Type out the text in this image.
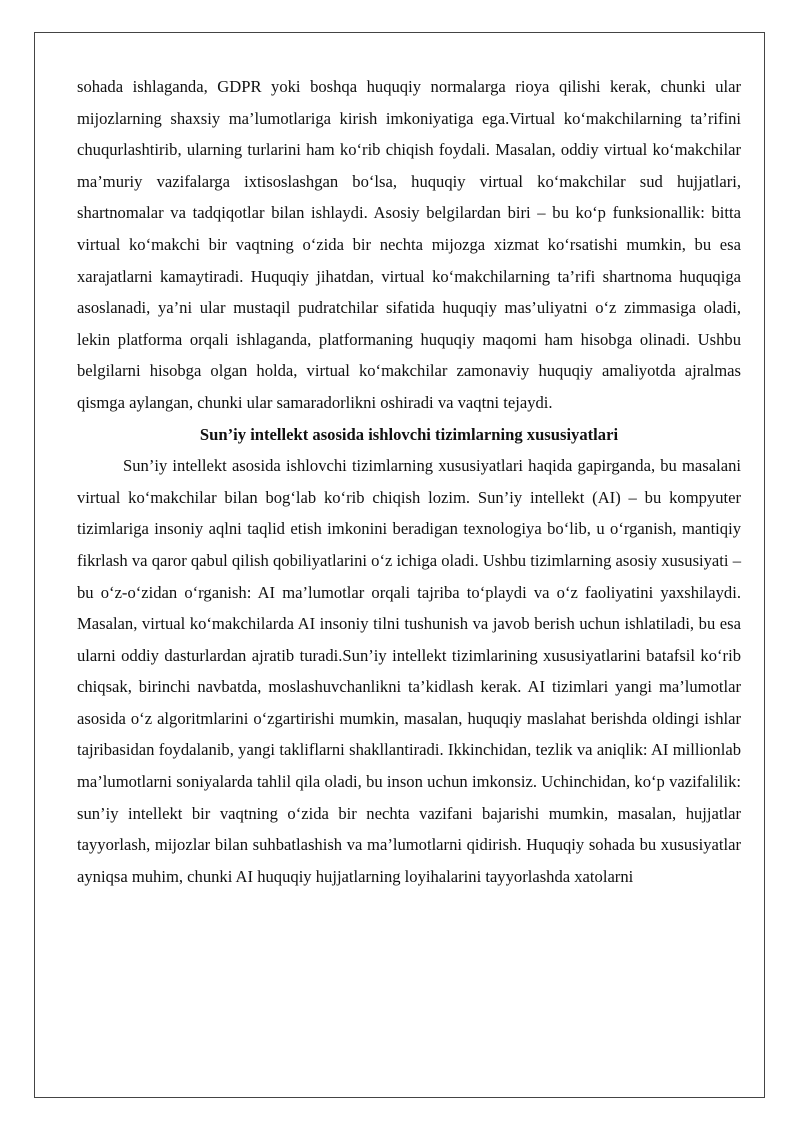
sohada ishlaganda, GDPR yoki boshqa huquqiy normalarga rioya qilishi kerak, chunki ular mijozlarning shaxsiy ma’lumotlariga kirish imkoniyatiga ega.Virtual ko‘makchilarning ta’rifini chuqurlashtirib, ularning turlarini ham ko‘rib chiqish foydali. Masalan, oddiy virtual ko‘makchilar ma’muriy vazifalarga ixtisoslashgan bo‘lsa, huquqiy virtual ko‘makchilar sud hujjatlari, shartnomalar va tadqiqotlar bilan ishlaydi. Asosiy belgilardan biri – bu ko‘p funksionallik: bitta virtual ko‘makchi bir vaqtning o‘zida bir nechta mijozga xizmat ko‘rsatishi mumkin, bu esa xarajatlarni kamaytiradi. Huquqiy jihatdan, virtual ko‘makchilarning ta’rifi shartnoma huquqiga asoslanadi, ya’ni ular mustaqil pudratchilar sifatida huquqiy mas’uliyatni o‘z zimmasiga oladi, lekin platforma orqali ishlaganda, platformaning huquqiy maqomi ham hisobga olinadi. Ushbu belgilarni hisobga olgan holda, virtual ko‘makchilar zamonaviy huquqiy amaliyotda ajralmas qismga aylangan, chunki ular samaradorlikni oshiradi va vaqtni tejaydi.

Sun’iy intellekt asosida ishlovchi tizimlarning xususiyatlari

Sun’iy intellekt asosida ishlovchi tizimlarning xususiyatlari haqida gapirganda, bu masalani virtual ko‘makchilar bilan bog‘lab ko‘rib chiqish lozim. Sun’iy intellekt (AI) – bu kompyuter tizimlariga insoniy aqlni taqlid etish imkonini beradigan texnologiya bo‘lib, u o‘rganish, mantiqiy fikrlash va qaror qabul qilish qobiliyatlarini o‘z ichiga oladi. Ushbu tizimlarning asosiy xususiyati – bu o‘z-o‘zidan o‘rganish: AI ma’lumotlar orqali tajriba to‘playdi va o‘z faoliyatini yaxshilaydi. Masalan, virtual ko‘makchilarda AI insoniy tilni tushunish va javob berish uchun ishlatiladi, bu esa ularni oddiy dasturlardan ajratib turadi.Sun’iy intellekt tizimlarining xususiyatlarini batafsil ko‘rib chiqsak, birinchi navbatda, moslashuvchanlikni ta’kidlash kerak. AI tizimlari yangi ma’lumotlar asosida o‘z algoritmlarini o‘zgartirishi mumkin, masalan, huquqiy maslahat berishda oldingi ishlar tajribasidan foydalanib, yangi takliflarni shakllantiradi. Ikkinchidan, tezlik va aniqlik: AI millionlab ma’lumotlarni soniyalarda tahlil qila oladi, bu inson uchun imkonsiz. Uchinchidan, ko‘p vazifalilik: sun’iy intellekt bir vaqtning o‘zida bir nechta vazifani bajarishi mumkin, masalan, hujjatlar tayyorlash, mijozlar bilan suhbatlashish va ma’lumotlarni qidirish. Huquqiy sohada bu xususiyatlar ayniqsa muhim, chunki AI huquqiy hujjatlarning loyihalarini tayyorlashda xatolarni
